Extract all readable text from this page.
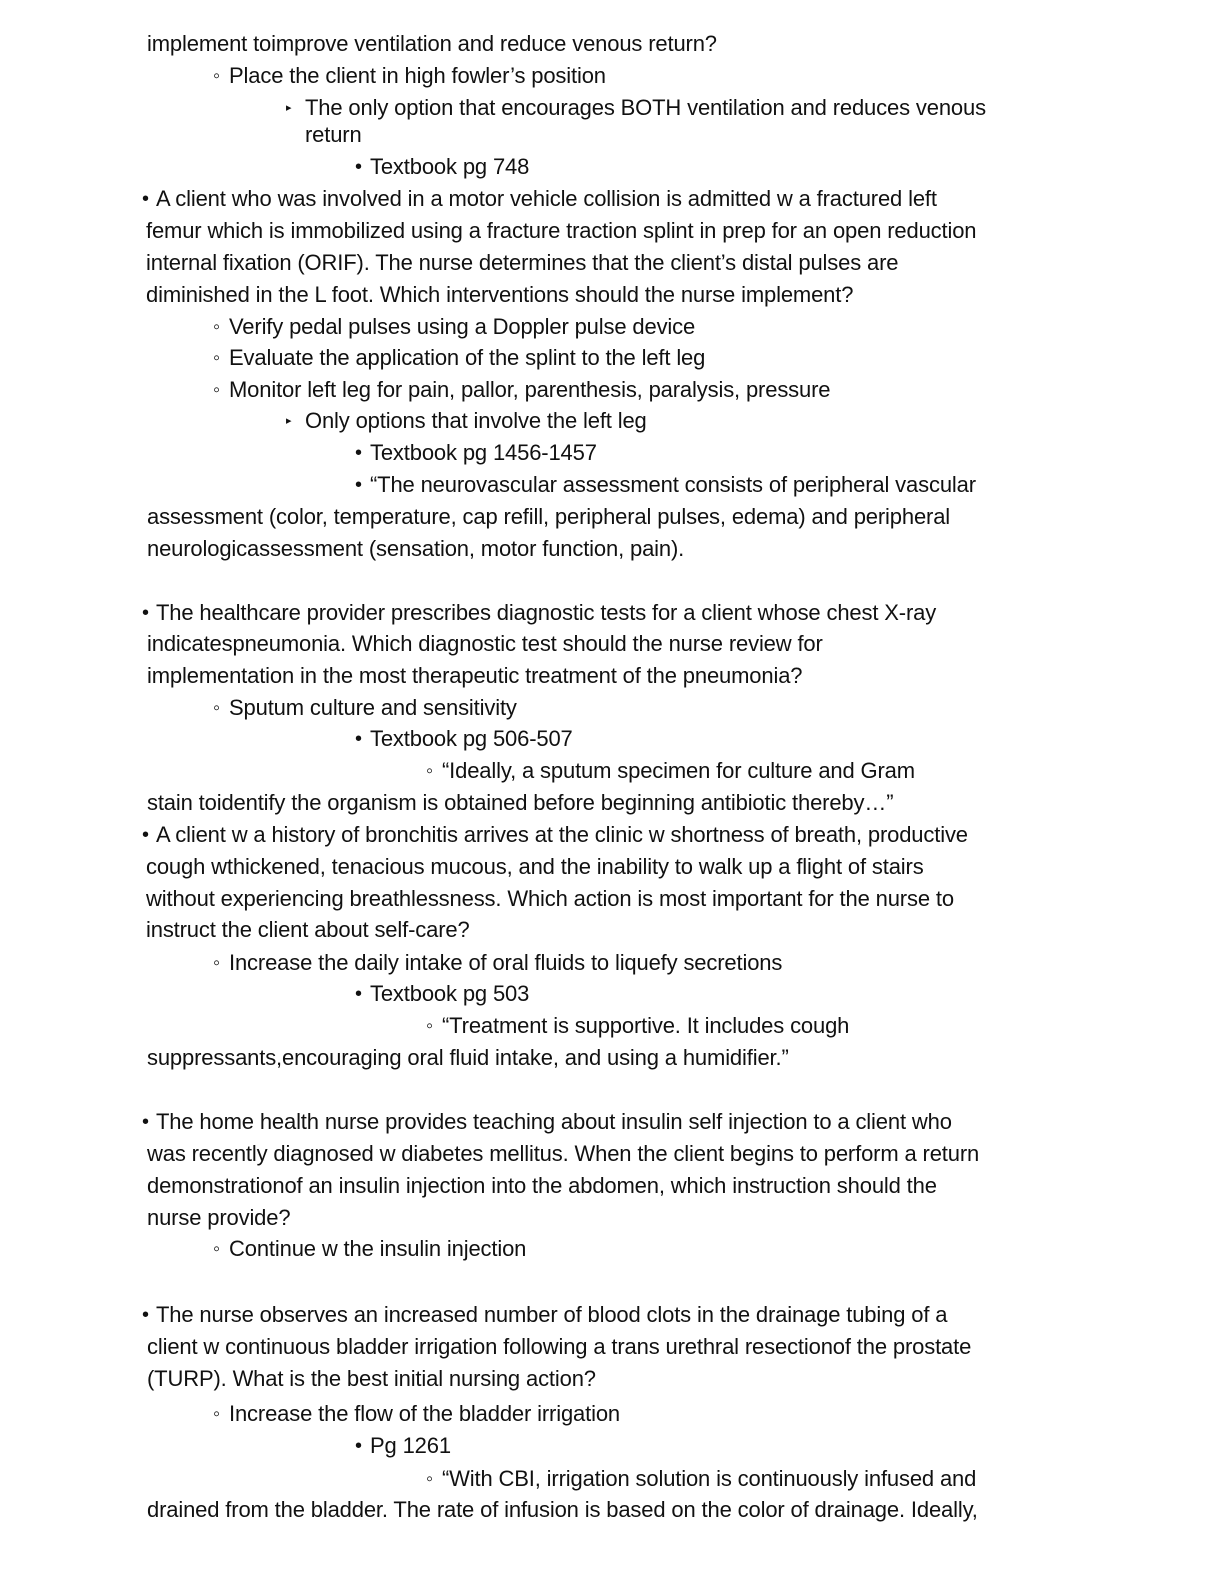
implement toimprove ventilation and reduce venous return?
◦ Place the client in high fowler’s position
▸ The only option that encourages BOTH ventilation and reduces venous
return
• Textbook pg 748
• A client who was involved in a motor vehicle collision is admitted w a fractured left
femur which is immobilized using a fracture traction splint in prep for an open reduction
internal fixation (ORIF). The nurse determines that the client’s distal pulses are
diminished in the L foot. Which interventions should the nurse implement?
◦ Verify pedal pulses using a Doppler pulse device
◦ Evaluate the application of the splint to the left leg
◦ Monitor left leg for pain, pallor, parenthesis, paralysis, pressure
▸ Only options that involve the left leg
• Textbook pg 1456-1457
• “The neurovascular assessment consists of peripheral vascular
assessment (color, temperature, cap refill, peripheral pulses, edema) and peripheral
neurologicassessment (sensation, motor function, pain).
• The healthcare provider prescribes diagnostic tests for a client whose chest X-ray
indicatespneumonia. Which diagnostic test should the nurse review for
implementation in the most therapeutic treatment of the pneumonia?
◦ Sputum culture and sensitivity
• Textbook pg 506-507
◦ “Ideally, a sputum specimen for culture and Gram
stain toidentify the organism is obtained before beginning antibiotic thereby…”
• A client w a history of bronchitis arrives at the clinic w shortness of breath, productive
cough wthickened, tenacious mucous, and the inability to walk up a flight of stairs
without experiencing breathlessness. Which action is most important for the nurse to
instruct the client about self-care?
◦ Increase the daily intake of oral fluids to liquefy secretions
• Textbook pg 503
◦ “Treatment is supportive. It includes cough
suppressants,encouraging oral fluid intake, and using a humidifier.”
• The home health nurse provides teaching about insulin self injection to a client who
was recently diagnosed w diabetes mellitus. When the client begins to perform a return
demonstrationof an insulin injection into the abdomen, which instruction should the
nurse provide?
◦ Continue w the insulin injection
• The nurse observes an increased number of blood clots in the drainage tubing of a
client w continuous bladder irrigation following a trans urethral resectionof the prostate
(TURP). What is the best initial nursing action?
◦ Increase the flow of the bladder irrigation
• Pg 1261
◦ “With CBI, irrigation solution is continuously infused and
drained from the bladder. The rate of infusion is based on the color of drainage. Ideally,
